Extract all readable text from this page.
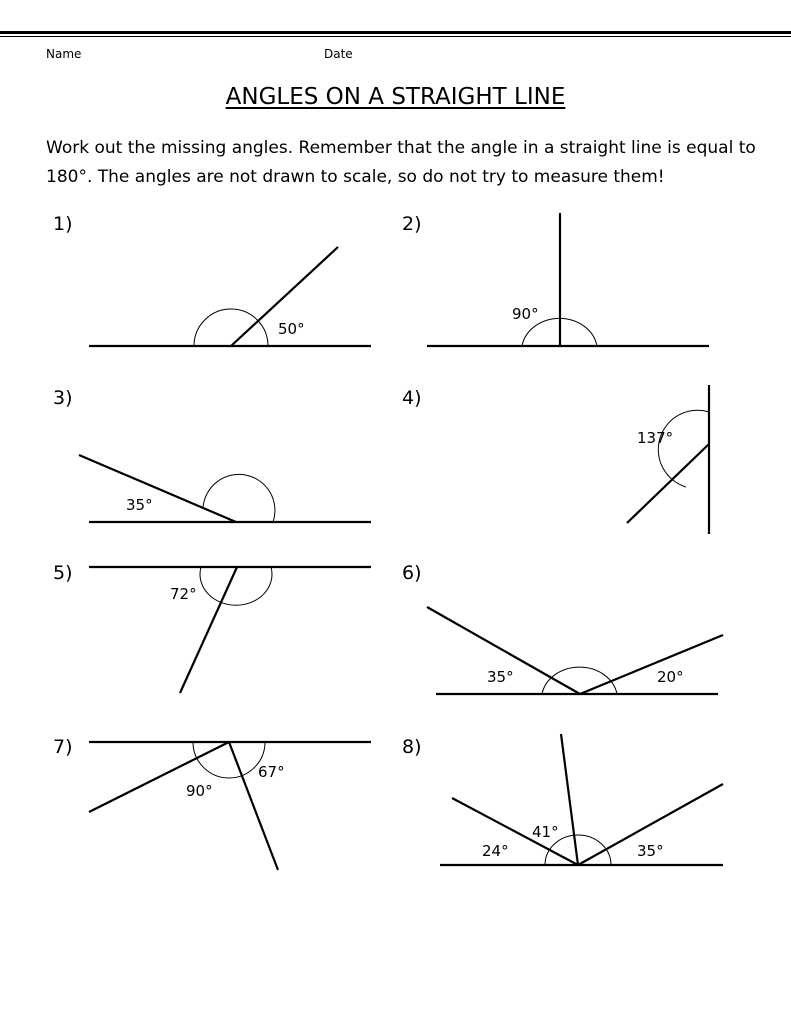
Name	Date
ANGLES ON A STRAIGHT LINE
Work out the missing angles. Remember that the angle in a straight line is equal to 180°. The angles are not drawn to scale, so do not try to measure them!
1)	2)
3)	4)
5)	6)
7)	8)
50°
90°
35°
137°
72°
35°	20°
90°
67°
24°
41°
35°
